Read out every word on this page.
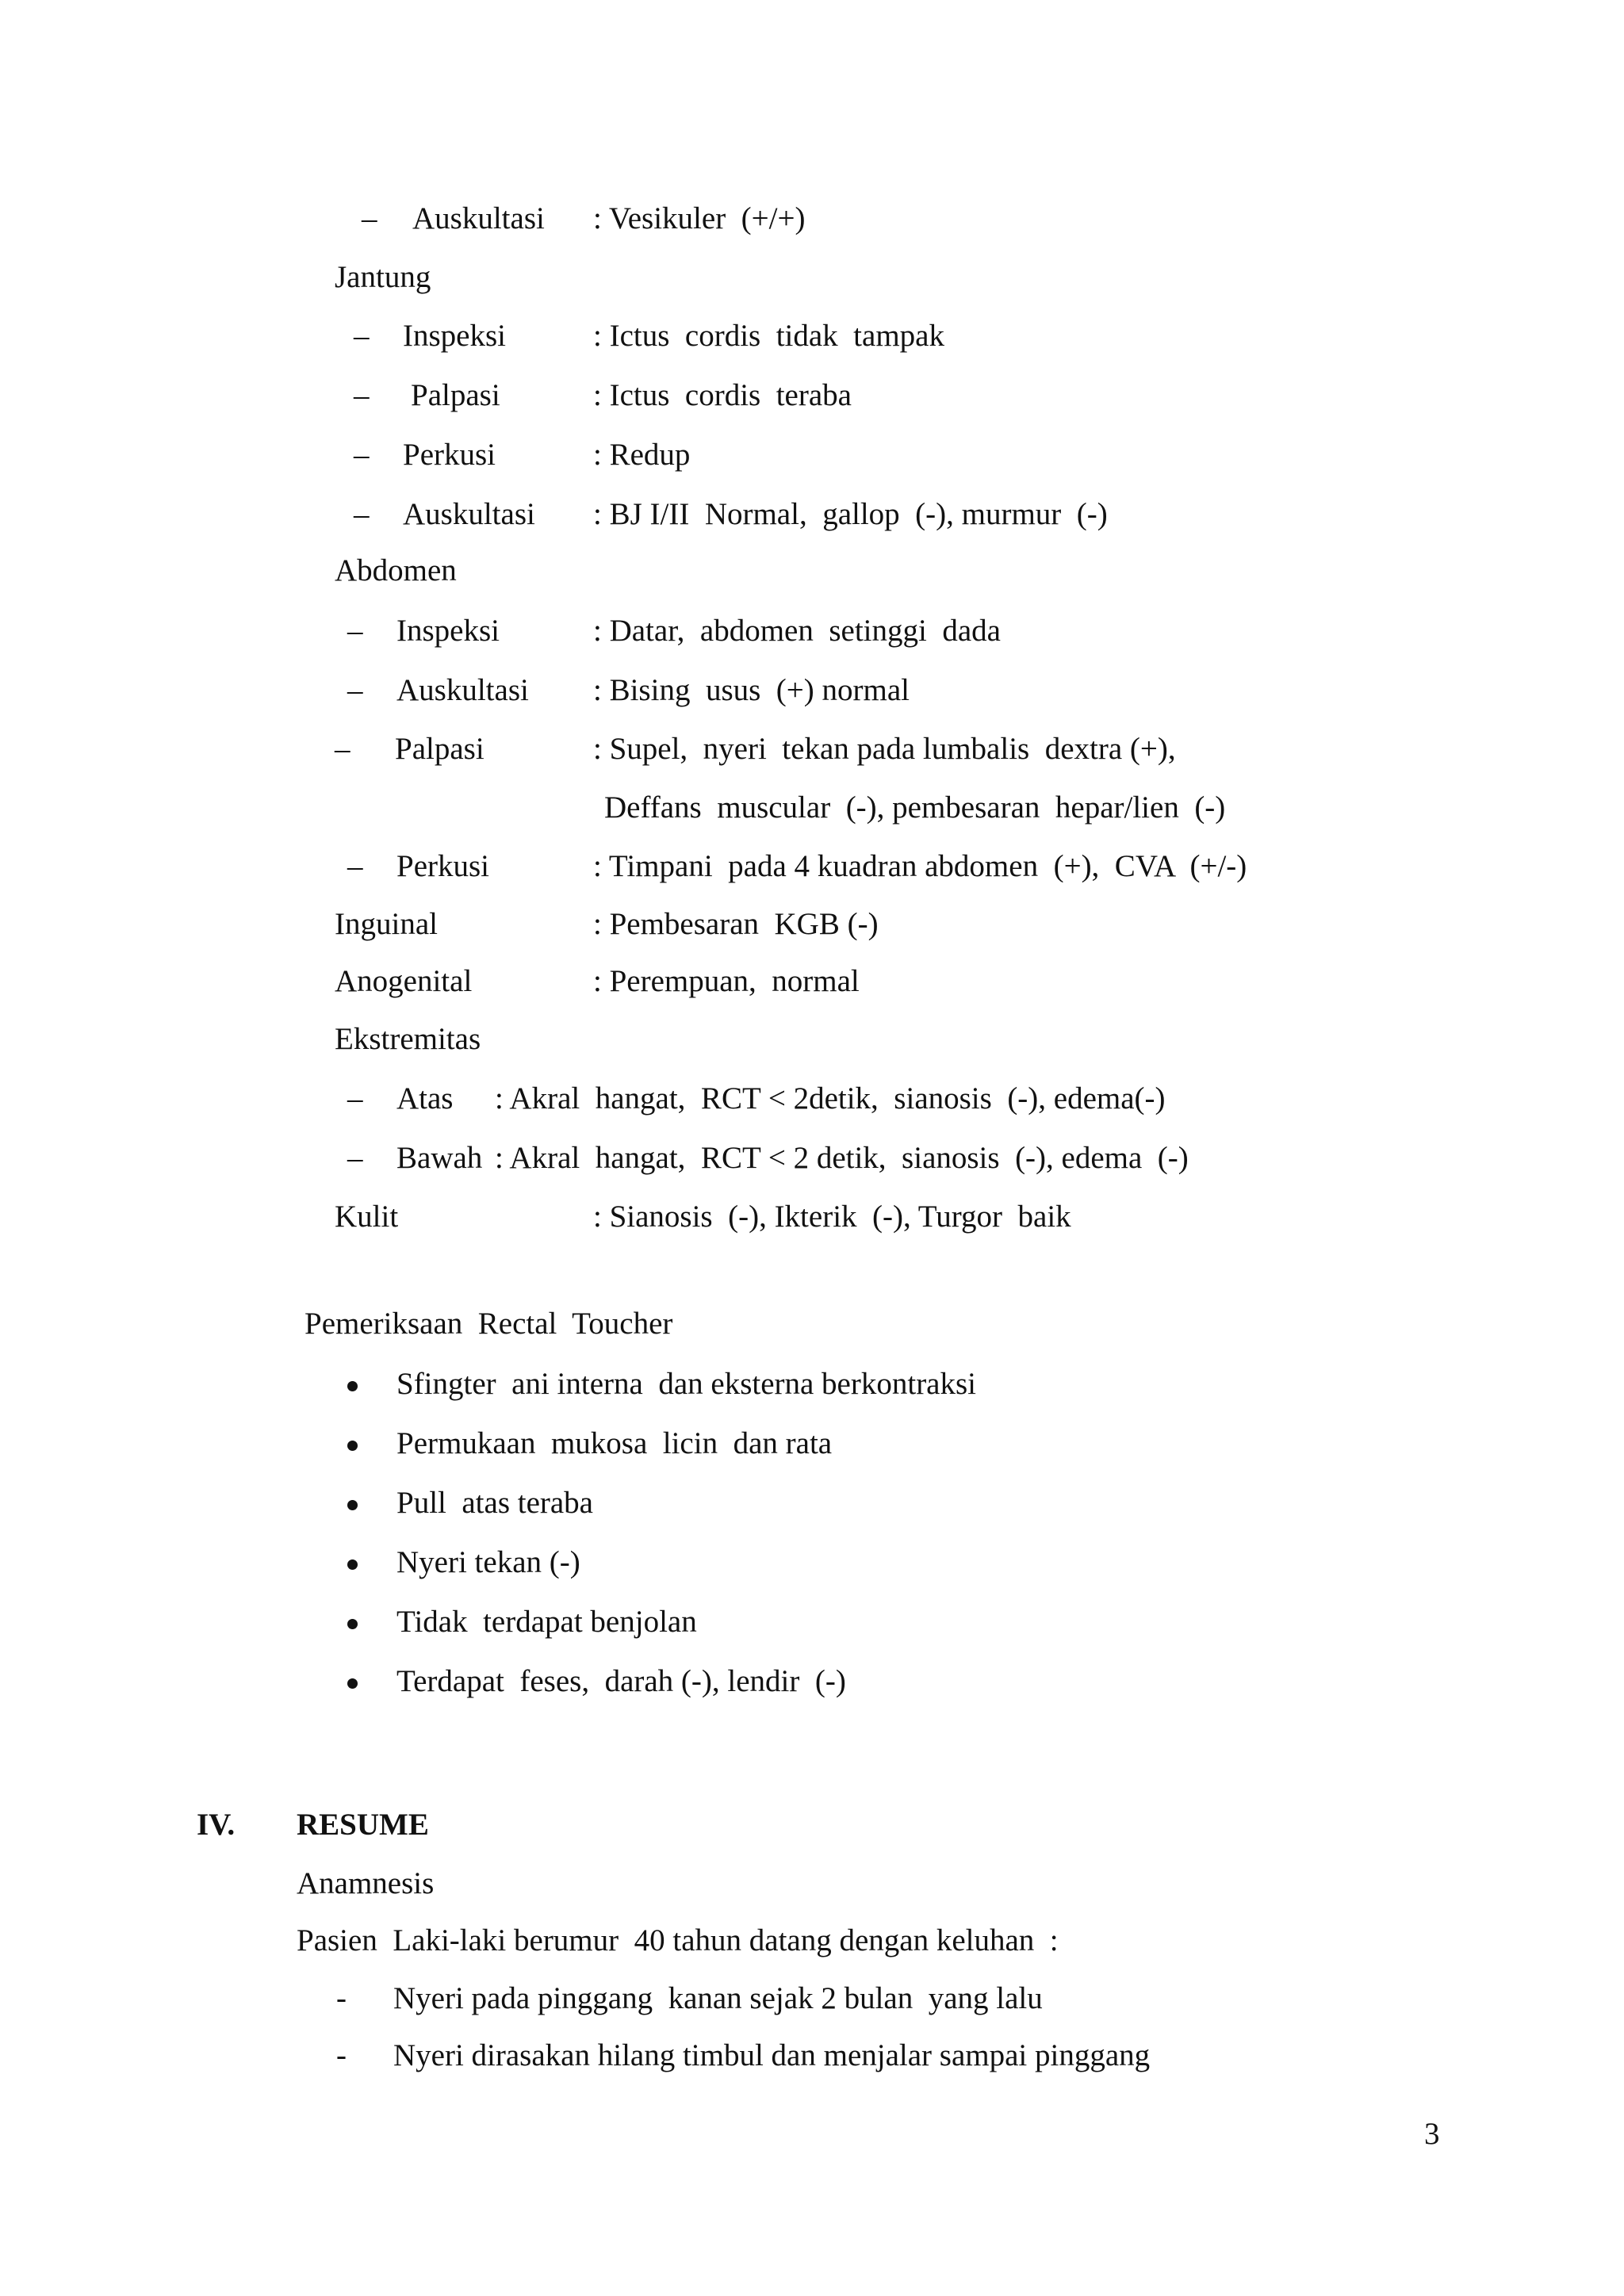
– Auskultasi : Vesikuler  (+/+)
Jantung
– Inspeksi	: Ictus  cordis  tidak  tampak
– Palpasi	: Ictus  cordis  teraba
– Perkusi	: Redup
– Auskultasi : BJ I/II  Normal,  gallop  (-), murmur  (-)
Abdomen
– Inspeksi	: Datar,  abdomen  setinggi  dada
– Auskultasi : Bising  usus  (+) normal
– Palpasi	: Supel,  nyeri  tekan pada lumbalis  dextra (+),
Deffans  muscular  (-), pembesaran  hepar/lien  (-)
– Perkusi	: Timpani  pada 4 kuadran abdomen  (+),  CVA  (+/-)
Inguinal	: Pembesaran  KGB (-)
Anogenital	: Perempuan,  normal
Ekstremitas
– Atas : Akral  hangat,  RCT < 2detik,  sianosis  (-), edema(-)
– Bawah : Akral  hangat,  RCT < 2 detik,  sianosis  (-), edema  (-)
Kulit	: Sianosis  (-), Ikterik  (-), Turgor  baik
Pemeriksaan  Rectal  Toucher
Sfingter  ani interna  dan eksterna berkontraksi
Permukaan  mukosa  licin  dan rata
Pull  atas teraba
Nyeri tekan (-)
Tidak  terdapat benjolan
Terdapat  feses,  darah (-), lendir  (-)
IV. RESUME
Anamnesis
Pasien  Laki-laki berumur  40 tahun datang dengan keluhan  :
- Nyeri pada pinggang  kanan sejak 2 bulan  yang lalu
- Nyeri dirasakan hilang timbul dan menjalar sampai pinggang
3
